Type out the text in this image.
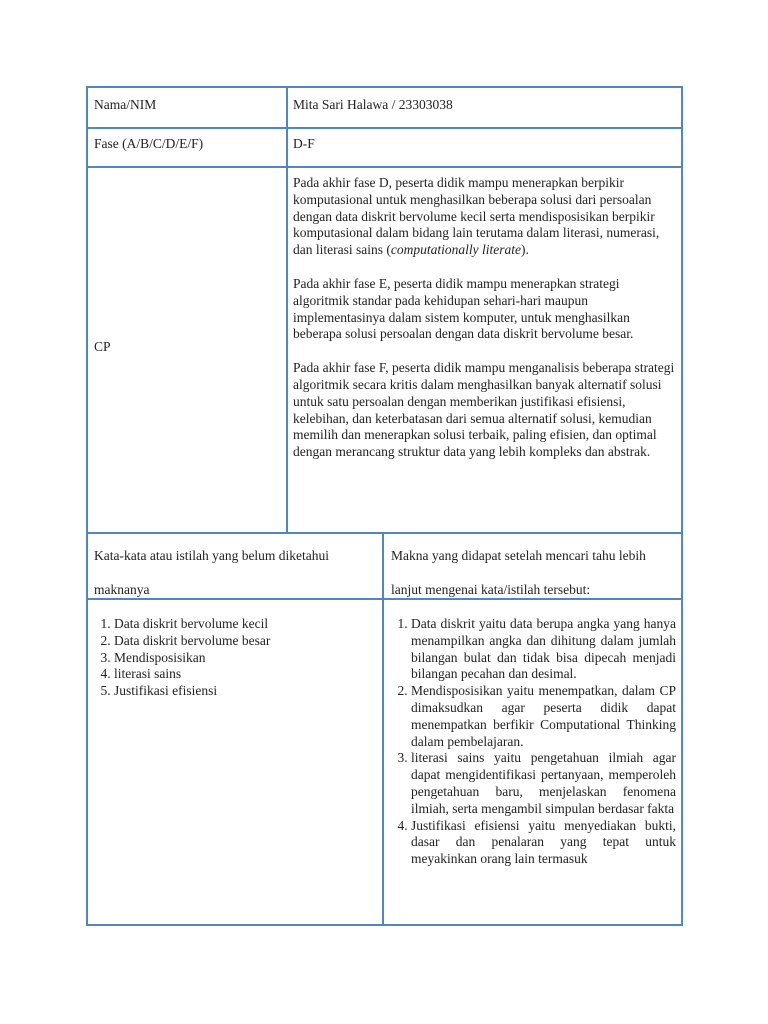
Nama/NIM	Mita Sari Halawa / 23303038
Fase (A/B/C/D/E/F)	D-F
CP

Pada akhir fase D, peserta didik mampu menerapkan berpikir komputasional untuk menghasilkan beberapa solusi dari persoalan dengan data diskrit bervolume kecil serta mendisposisikan berpikir komputasional dalam bidang lain terutama dalam literasi, numerasi, dan literasi sains (computationally literate).

Pada akhir fase E, peserta didik mampu menerapkan strategi algoritmik standar pada kehidupan sehari-hari maupun implementasinya dalam sistem komputer, untuk menghasilkan beberapa solusi persoalan dengan data diskrit bervolume besar.

Pada akhir fase F, peserta didik mampu menganalisis beberapa strategi algoritmik secara kritis dalam menghasilkan banyak alternatif solusi untuk satu persoalan dengan memberikan justifikasi efisiensi, kelebihan, dan keterbatasan dari semua alternatif solusi, kemudian memilih dan menerapkan solusi terbaik, paling efisien, dan optimal dengan merancang struktur data yang lebih kompleks dan abstrak.

Kata-kata atau istilah yang belum diketahui maknanya
Makna yang didapat setelah mencari tahu lebih lanjut mengenai kata/istilah tersebut:
1. Data diskrit bervolume kecil
2. Data diskrit bervolume besar
3. Mendisposisikan
4. literasi sains
5. Justifikasi efisiensi
1. Data diskrit yaitu data berupa angka yang hanya menampilkan angka dan dihitung dalam jumlah bilangan bulat dan tidak bisa dipecah menjadi bilangan pecahan dan desimal.
2. Mendisposisikan yaitu menempatkan, dalam CP dimaksudkan agar peserta didik dapat menempatkan berfikir Computational Thinking dalam pembelajaran.
3. literasi sains yaitu pengetahuan ilmiah agar dapat mengidentifikasi pertanyaan, memperoleh pengetahuan baru, menjelaskan fenomena ilmiah, serta mengambil simpulan berdasar fakta
4. Justifikasi efisiensi yaitu menyediakan bukti, dasar dan penalaran yang tepat untuk meyakinkan orang lain termasuk
